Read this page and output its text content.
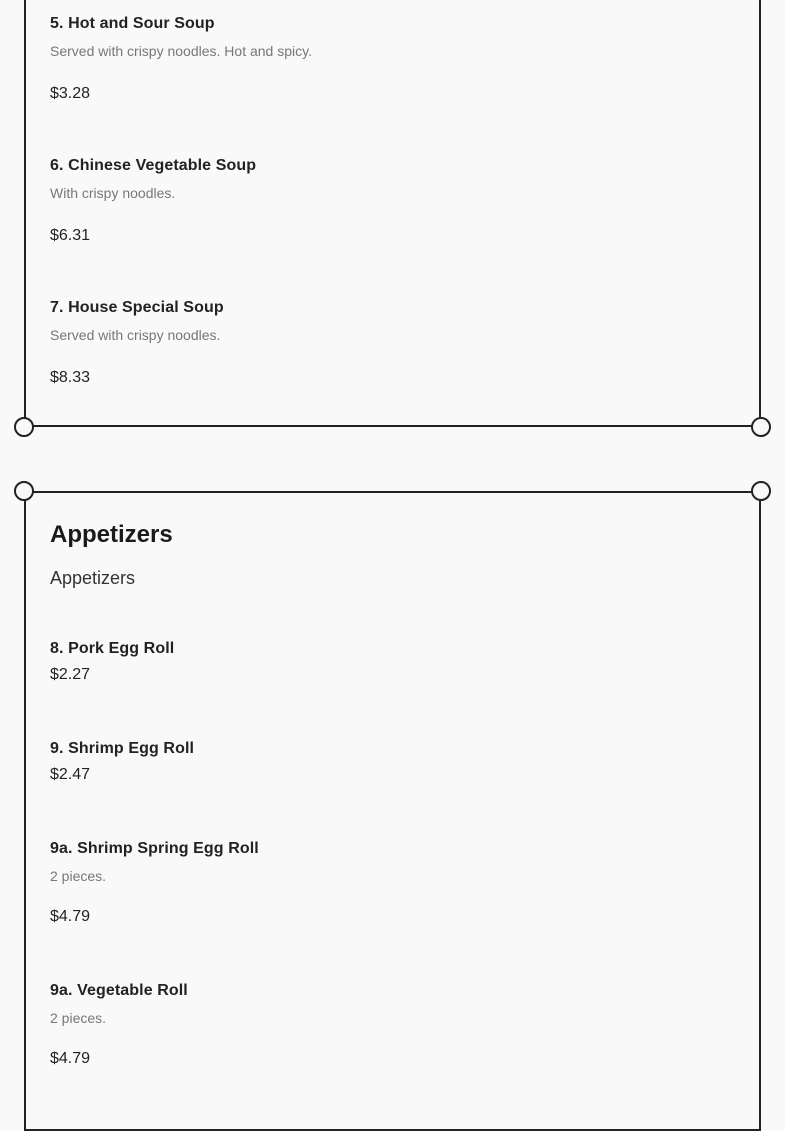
5. Hot and Sour Soup
Served with crispy noodles. Hot and spicy.
$3.28
6. Chinese Vegetable Soup
With crispy noodles.
$6.31
7. House Special Soup
Served with crispy noodles.
$8.33
Appetizers
Appetizers
8. Pork Egg Roll
$2.27
9. Shrimp Egg Roll
$2.47
9a. Shrimp Spring Egg Roll
2 pieces.
$4.79
9a. Vegetable Roll
2 pieces.
$4.79
